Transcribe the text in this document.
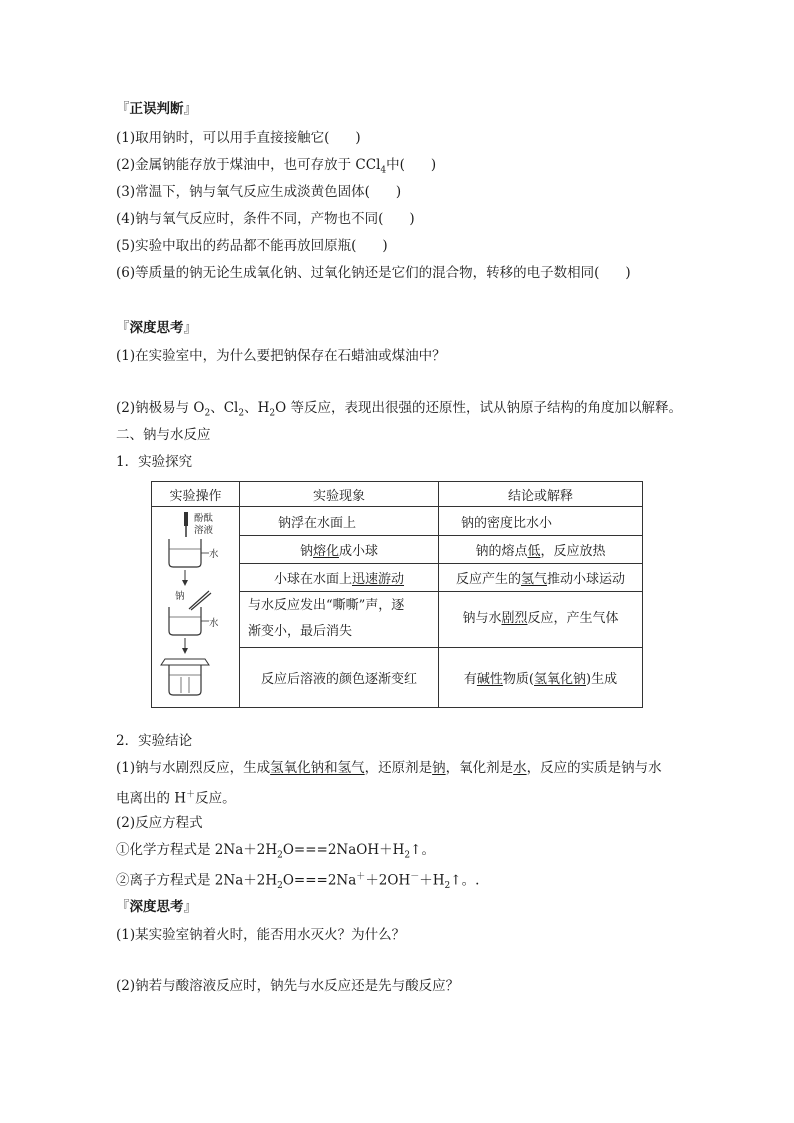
『正误判断』
(1)取用钠时，可以用手直接接触它( )
(2)金属钠能存放于煤油中，也可存放于 CCl$_4$中( )
(3)常温下，钠与氧气反应生成淡黄色固体( )
(4)钠与氧气反应时，条件不同，产物也不同( )
(5)实验中取出的药品都不能再放回原瓶( )
(6)等质量的钠无论生成氧化钠、过氧化钠还是它们的混合物，转移的电子数相同( )
『深度思考』
(1)在实验室中，为什么要把钠保存在石蜡油或煤油中？
(2)钠极易与 $O_2$、$Cl_2$、$H_2O$ 等反应，表现出很强的还原性，试从钠原子结构的角度加以解释。
二、钠与水反应
1．实验探究
实验操作	实验现象	结论或解释

酚酞
溶液
水
钠
水	钠浮在水面上	钠的密度比水小
	钠熔化成小球	钠的熔点低，反应放热
	小球在水面上迅速游动	反应产生的氢气推动小球运动
	与水反应发出“嘶嘶”声，逐
渐变小，最后消失	钠与水剧烈反应，产生气体
	反应后溶液的颜色逐渐变红	有碱性物质(氢氧化钠)生成
2．实验结论
(1)钠与水剧烈反应，生成氢氧化钠和氢气，还原剂是钠，氧化剂是水，反应的实质是钠与水
电离出的 H＋反应。
(2)反应方程式
①化学方程式是 $2Na+2H_2O===2NaOH+H_2↑$。
②离子方程式是 $2Na+2H_2O===2Na^++2OH^-+H_2↑$。.
『深度思考』
(1)某实验室钠着火时，能否用水灭火？为什么？
(2)钠若与酸溶液反应时，钠先与水反应还是先与酸反应？
